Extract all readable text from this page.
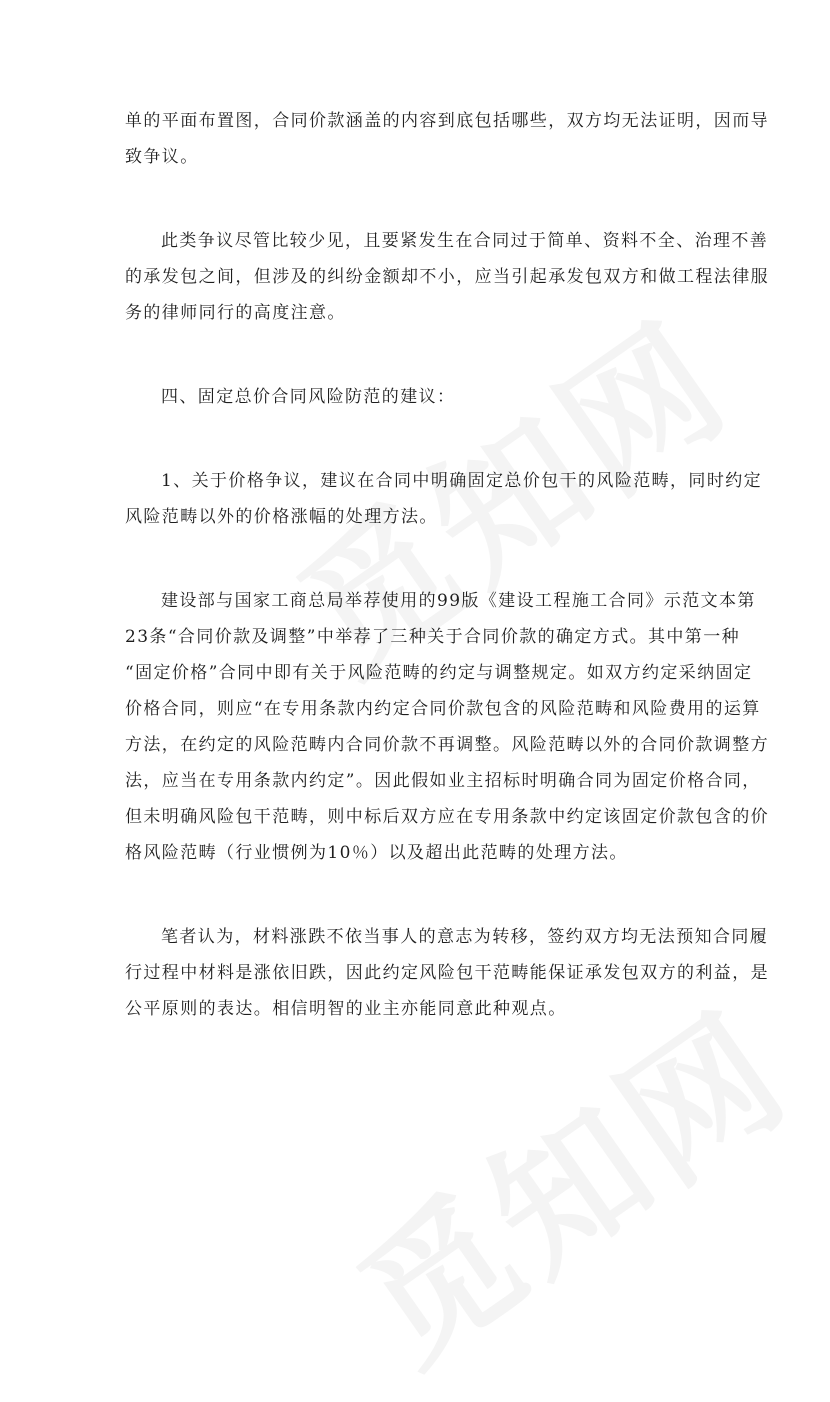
单的平面布置图，合同价款涵盖的内容到底包括哪些，双方均无法证明，因而导
致争议。
此类争议尽管比较少见，且要紧发生在合同过于简单、资料不全、治理不善
的承发包之间，但涉及的纠纷金额却不小，应当引起承发包双方和做工程法律服
务的律师同行的高度注意。
四、固定总价合同风险防范的建议：
1、关于价格争议，建议在合同中明确固定总价包干的风险范畴，同时约定
风险范畴以外的价格涨幅的处理方法。
建设部与国家工商总局举荐使用的99版《建设工程施工合同》示范文本第
23条“合同价款及调整”中举荐了三种关于合同价款的确定方式。其中第一种
“固定价格”合同中即有关于风险范畴的约定与调整规定。如双方约定采纳固定
价格合同，则应“在专用条款内约定合同价款包含的风险范畴和风险费用的运算
方法，在约定的风险范畴内合同价款不再调整。风险范畴以外的合同价款调整方
法，应当在专用条款内约定”。因此假如业主招标时明确合同为固定价格合同，
但未明确风险包干范畴，则中标后双方应在专用条款中约定该固定价款包含的价
格风险范畴（行业惯例为10％）以及超出此范畴的处理方法。
笔者认为，材料涨跌不依当事人的意志为转移，签约双方均无法预知合同履
行过程中材料是涨依旧跌，因此约定风险包干范畴能保证承发包双方的利益，是
公平原则的表达。相信明智的业主亦能同意此种观点。
